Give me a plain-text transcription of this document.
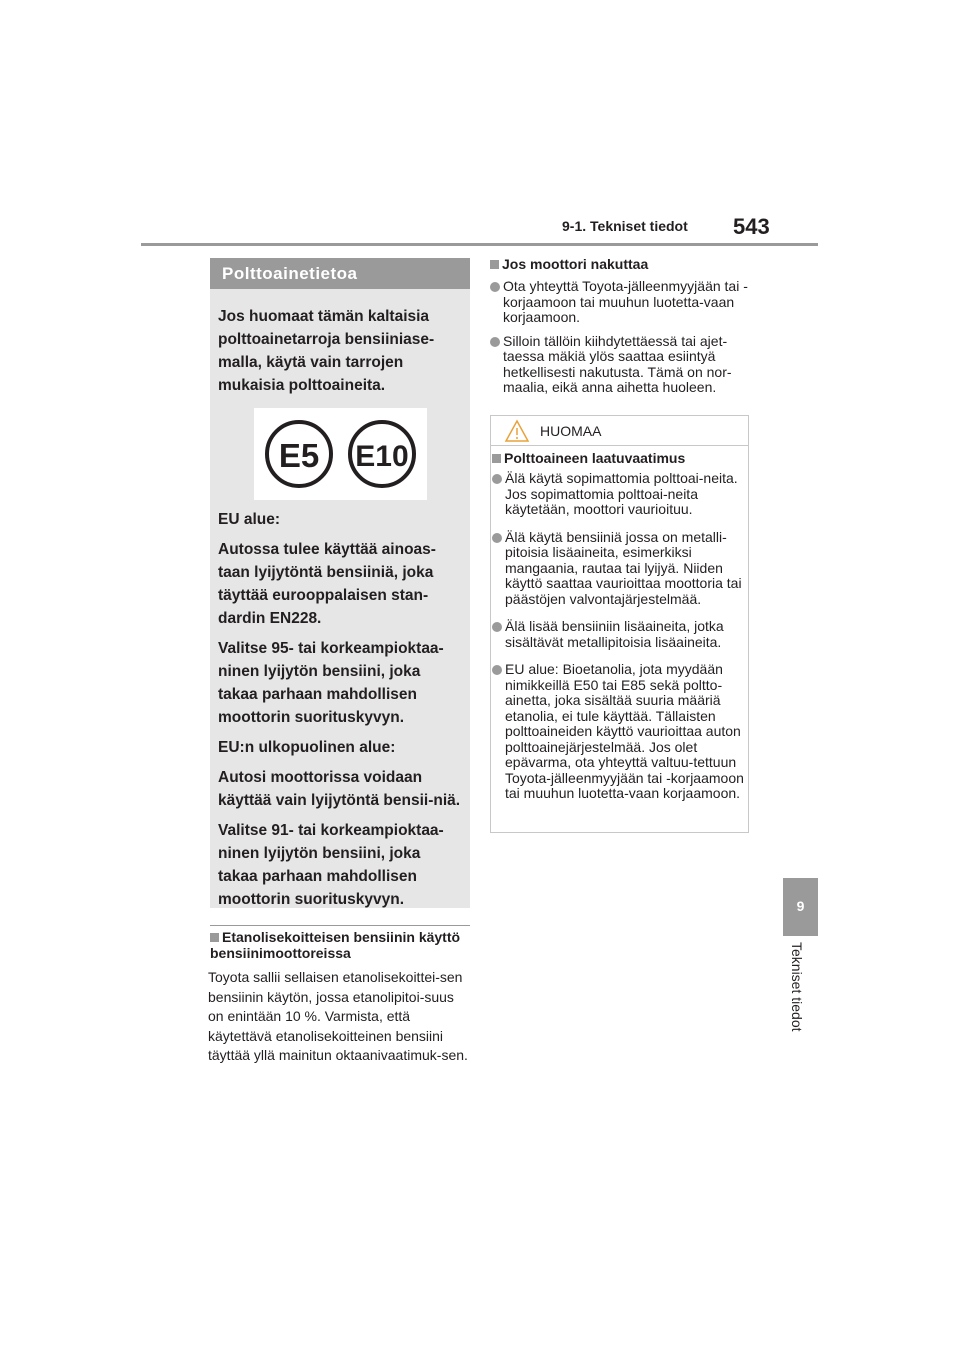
9-1. Tekniset tiedot 543
9
Tekniset tiedot
Polttoainetietoa
Jos huomaat tämän kaltaisia polttoainetarroja bensiiniase-malla, käytä vain tarrojen mukaisia polttoaineita.
E5 E10

EU alue:

Autossa tulee käyttää ainoas-taan lyijytöntä bensiiniä, joka täyttää eurooppalaisen stan-dardin EN228.

Valitse 95- tai korkeampioktaa-ninen lyijytön bensiini, joka takaa parhaan mahdollisen moottorin suorituskyvyn.

EU:n ulkopuolinen alue:

Autosi moottorissa voidaan käyttää vain lyijytöntä bensii-niä.

Valitse 91- tai korkeampioktaa-ninen lyijytön bensiini, joka takaa parhaan mahdollisen moottorin suorituskyvyn.

Etanolisekoitteisen bensiinin käyttö bensiinimoottoreissa
Toyota sallii sellaisen etanolisekoittei-sen bensiinin käytön, jossa etanolipitoi-suus on enintään 10 %. Varmista, että käytettävä etanolisekoitteinen bensiini täyttää yllä mainitun oktaanivaatimuk-sen.
Jos moottori nakuttaa
Ota yhteyttä Toyota-jälleenmyyjään tai -korjaamoon tai muuhun luotetta-vaan korjaamoon.
Silloin tällöin kiihdytettäessä tai ajet-taessa mäkiä ylös saattaa esiintyä hetkellisesti nakutusta. Tämä on nor-maalia, eikä anna aihetta huoleen.
HUOMAA
Polttoaineen laatuvaatimus
Älä käytä sopimattomia polttoai-neita. Jos sopimattomia polttoai-neita käytetään, moottori vaurioituu.
Älä käytä bensiiniä jossa on metalli-pitoisia lisäaineita, esimerkiksi mangaania, rautaa tai lyijyä. Niiden käyttö saattaa vaurioittaa moottoria tai päästöjen valvontajärjestelmää.
Älä lisää bensiiniin lisäaineita, jotka sisältävät metallipitoisia lisäaineita.
EU alue: Bioetanolia, jota myydään nimikkeillä E50 tai E85 sekä poltto-ainetta, joka sisältää suuria määriä etanolia, ei tule käyttää. Tällaisten polttoaineiden käyttö vaurioittaa auton polttoainejärjestelmää. Jos olet epävarma, ota yhteyttä valtuu-tettuun Toyota-jälleenmyyjään tai -korjaamoon tai muuhun luotetta-vaan korjaamoon.
